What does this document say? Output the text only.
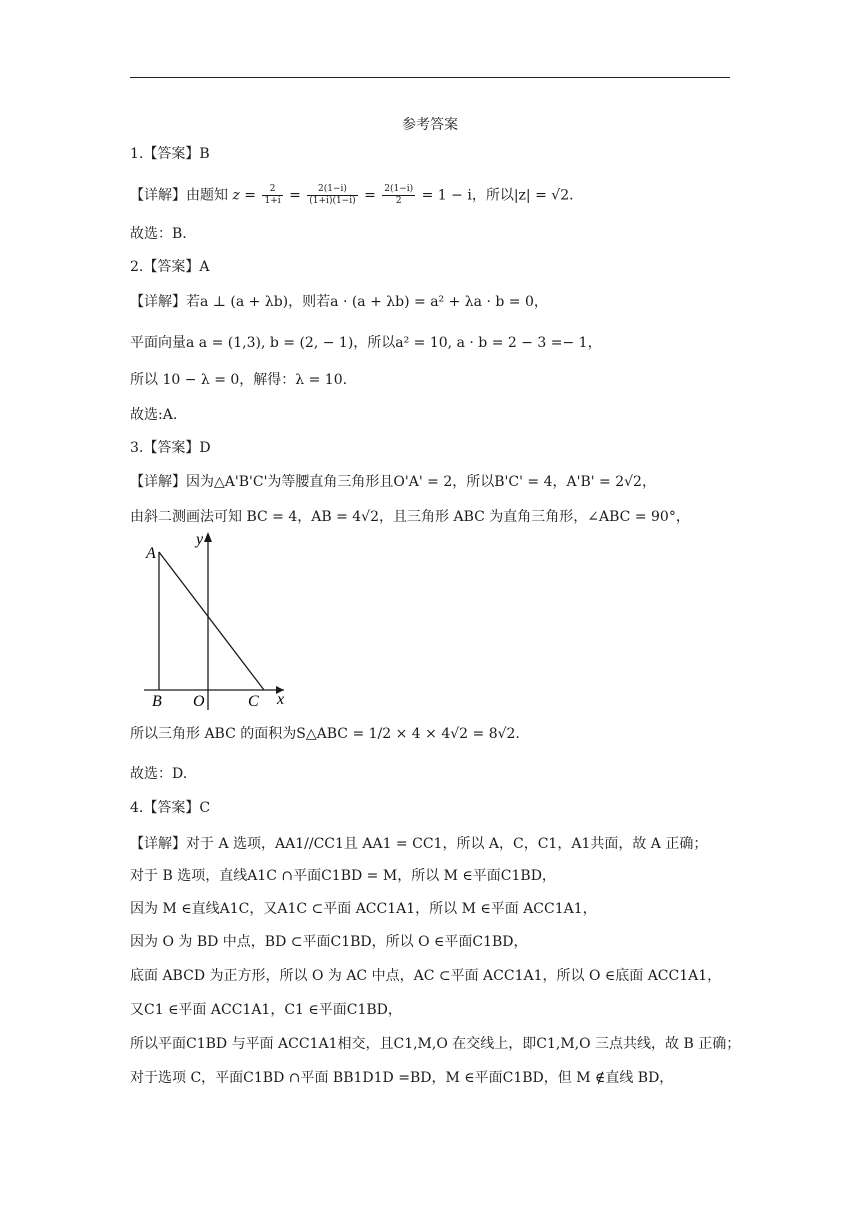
参考答案
1.【答案】B
【详解】由题知 $z = \frac{2}{1+i} = \frac{2(1-i)}{(1+i)(1-i)} = \frac{2(1-i)}{2} = 1 - i$，所以|z| = √2.
故选：B.
2.【答案】A
【详解】若a ⊥ (a + λb)，则若a · (a + λb) = a² + λa · b = 0，
平面向量a a = (1,3), b = (2, − 1)，所以a² = 10, a · b = 2 − 3 =− 1，
所以 10 − λ = 0，解得：λ = 10.
故选:A.
3.【答案】D
【详解】因为△A'B'C'为等腰直角三角形且O'A' = 2，所以B'C' = 4，A'B' = 2√2，
由斜二测画法可知 BC = 4，AB = 4√2，且三角形 ABC 为直角三角形，∠ABC = 90°，
A
B O	C x
y
所以三角形 ABC 的面积为S△ABC = 1/2 × 4 × 4√2 = 8√2.
故选：D.
4.【答案】C
【详解】对于 A 选项，AA1//CC1且 AA1 = CC1，所以 A，C，C1，A1共面，故 A 正确；
对于 B 选项，直线A1C ∩平面C1BD = M，所以 M ∈平面C1BD，
因为 M ∈直线A1C，又A1C ⊂平面 ACC1A1，所以 M ∈平面 ACC1A1，
因为 O 为 BD 中点，BD ⊂平面C1BD，所以 O ∈平面C1BD，
底面 ABCD 为正方形，所以 O 为 AC 中点，AC ⊂平面 ACC1A1，所以 O ∈底面 ACC1A1，
又C1 ∈平面 ACC1A1，C1 ∈平面C1BD，
所以平面C1BD 与平面 ACC1A1相交，且C1,M,O 在交线上，即C1,M,O 三点共线，故 B 正确；
对于选项 C，平面C1BD ∩平面 BB1D1D =BD，M ∈平面C1BD，但 M ∉直线 BD，
